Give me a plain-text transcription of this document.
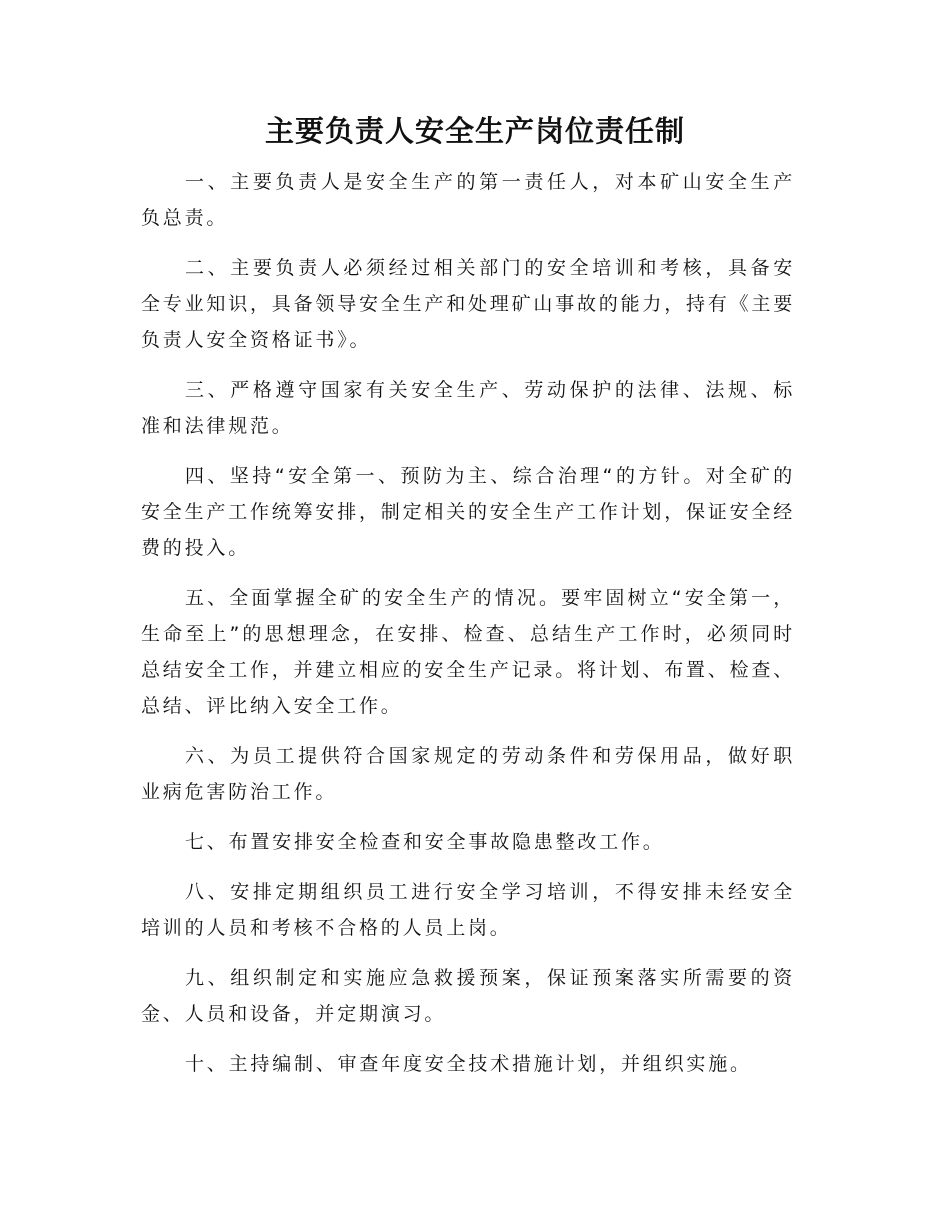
主要负责人安全生产岗位责任制

一、主要负责人是安全生产的第一责任人，对本矿山安全生产负总责。

二、主要负责人必须经过相关部门的安全培训和考核，具备安全专业知识，具备领导安全生产和处理矿山事故的能力，持有《主要负责人安全资格证书》。

三、严格遵守国家有关安全生产、劳动保护的法律、法规、标准和法律规范。

四、坚持“安全第一、预防为主、综合治理“的方针。对全矿的安全生产工作统筹安排，制定相关的安全生产工作计划，保证安全经费的投入。

五、全面掌握全矿的安全生产的情况。要牢固树立“安全第一，生命至上”的思想理念，在安排、检查、总结生产工作时，必须同时总结安全工作，并建立相应的安全生产记录。将计划、布置、检查、总结、评比纳入安全工作。

六、为员工提供符合国家规定的劳动条件和劳保用品，做好职业病危害防治工作。

七、布置安排安全检查和安全事故隐患整改工作。

八、安排定期组织员工进行安全学习培训，不得安排未经安全培训的人员和考核不合格的人员上岗。

九、组织制定和实施应急救援预案，保证预案落实所需要的资金、人员和设备，并定期演习。

十、主持编制、审查年度安全技术措施计划，并组织实施。
